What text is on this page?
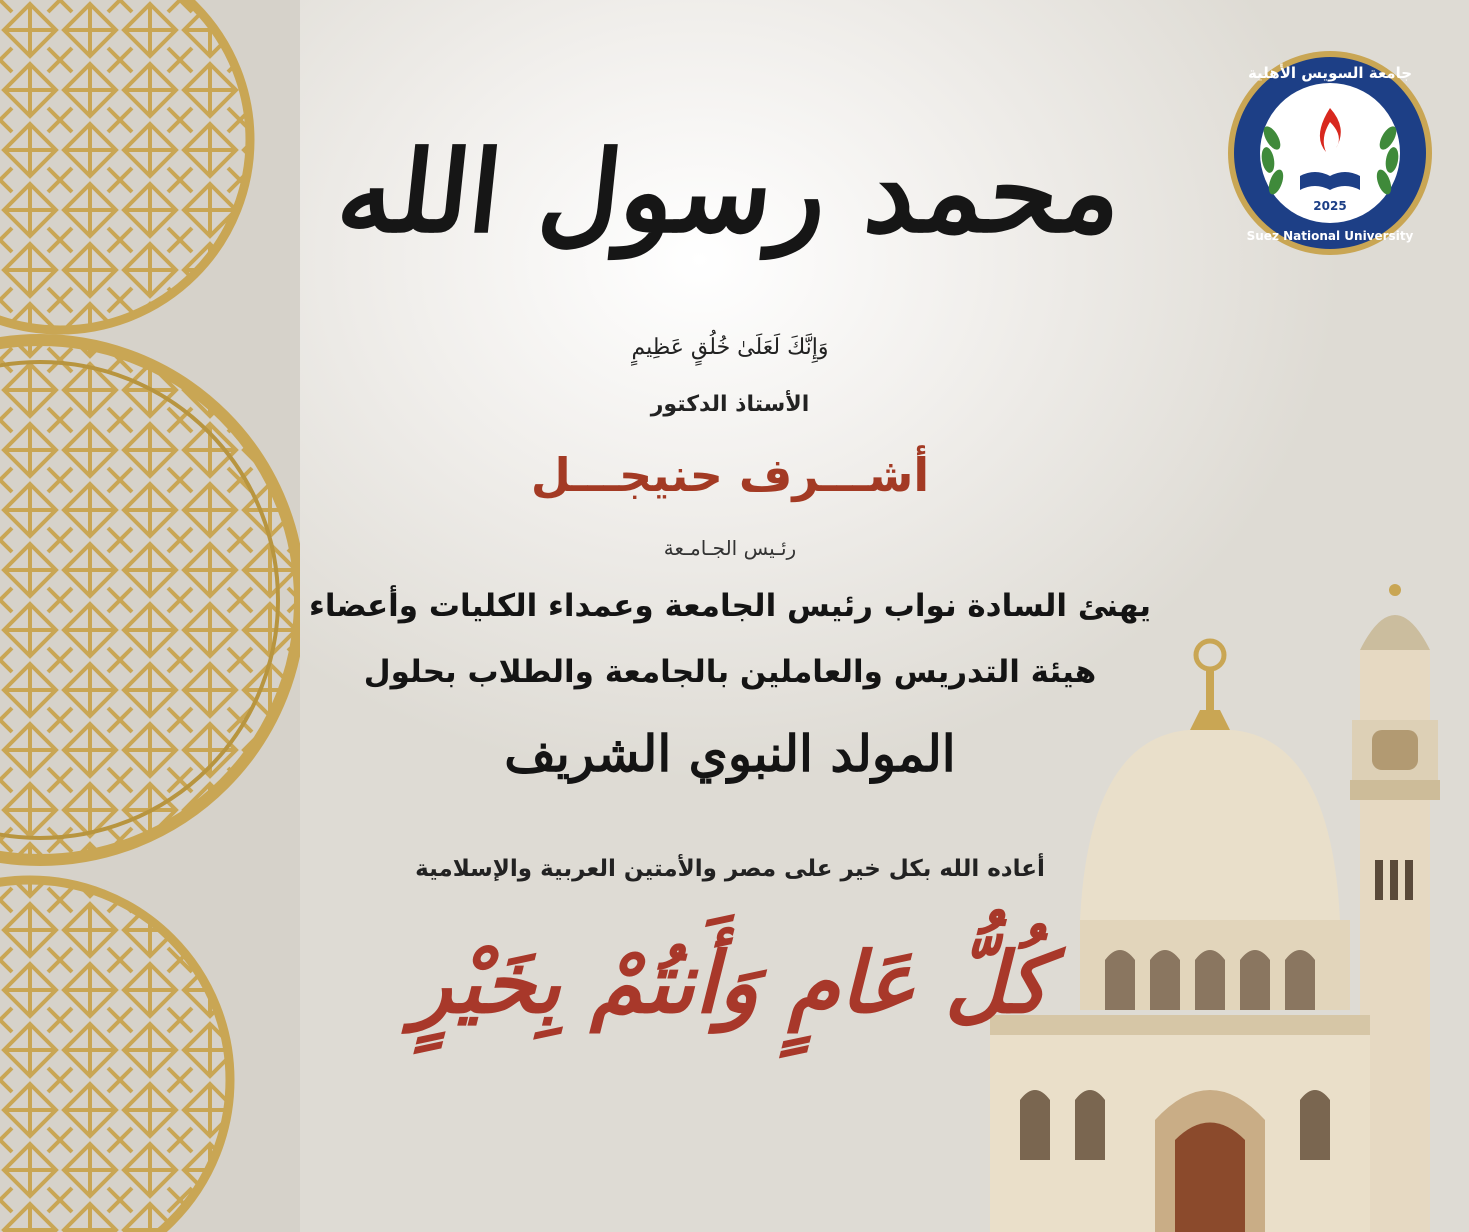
جامعة السويس الأهلية
Suez National University
2025
محمد رسول الله
وَإِنَّكَ لَعَلَىٰ خُلُقٍ عَظِيمٍ
الأستاذ الدكتور
أشـــرف حنيجـــل
رئـيس الجـامـعة
يهنئ السادة نواب رئيس الجامعة وعمداء الكليات وأعضاء
هيئة التدريس والعاملين بالجامعة والطلاب بحلول
المولد النبوي الشريف
أعاده الله بكل خير على مصر والأمتين العربية والإسلامية
كُلُّ عَامٍ وَأَنتُمْ بِخَيْرٍ
